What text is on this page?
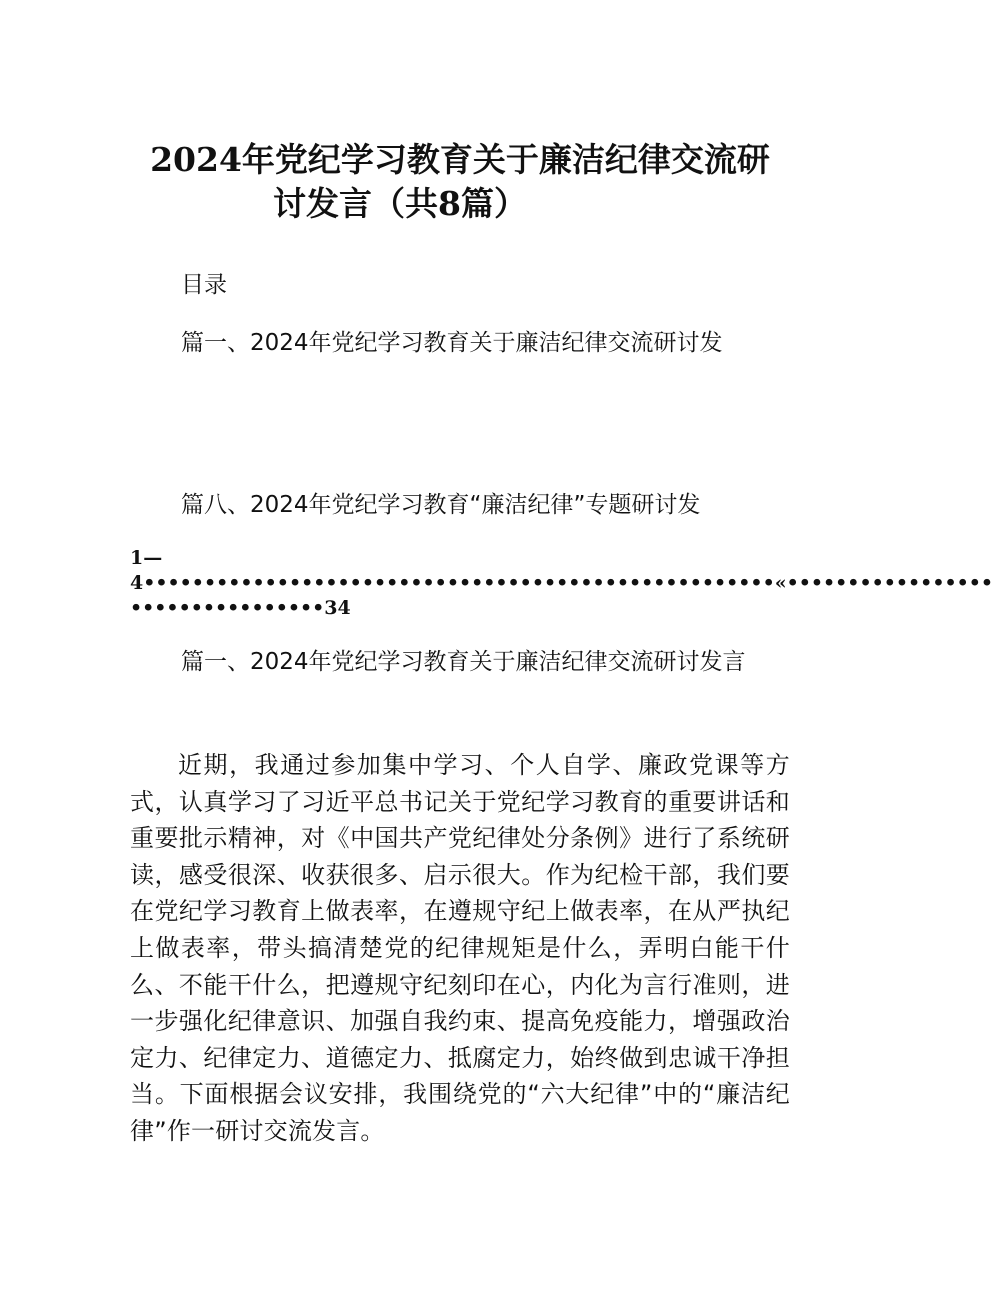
2024年党纪学习教育关于廉洁纪律交流研
讨发言（共8篇）
目录
篇一、2024年党纪学习教育关于廉洁纪律交流研讨发
篇八、2024年党纪学习教育“廉洁纪律”专题研讨发
1—
4••••••••••••••••••••••••••••••••••••••••••••••••••••«•••••••••••••••••
••••••••••••••••34
篇一、2024年党纪学习教育关于廉洁纪律交流研讨发言
近期，我通过参加集中学习、个人自学、廉政党课等方式，认真学习了习近平总书记关于党纪学习教育的重要讲话和重要批示精神，对《中国共产党纪律处分条例》进行了系统研读，感受很深、收获很多、启示很大。作为纪检干部，我们要在党纪学习教育上做表率，在遵规守纪上做表率，在从严执纪上做表率，带头搞清楚党的纪律规矩是什么，弄明白能干什么、不能干什么，把遵规守纪刻印在心，内化为言行准则，进一步强化纪律意识、加强自我约束、提高免疫能力，增强政治定力、纪律定力、道德定力、抵腐定力，始终做到忠诚干净担当。下面根据会议安排，我围绕党的“六大纪律”中的“廉洁纪律”作一研讨交流发言。
